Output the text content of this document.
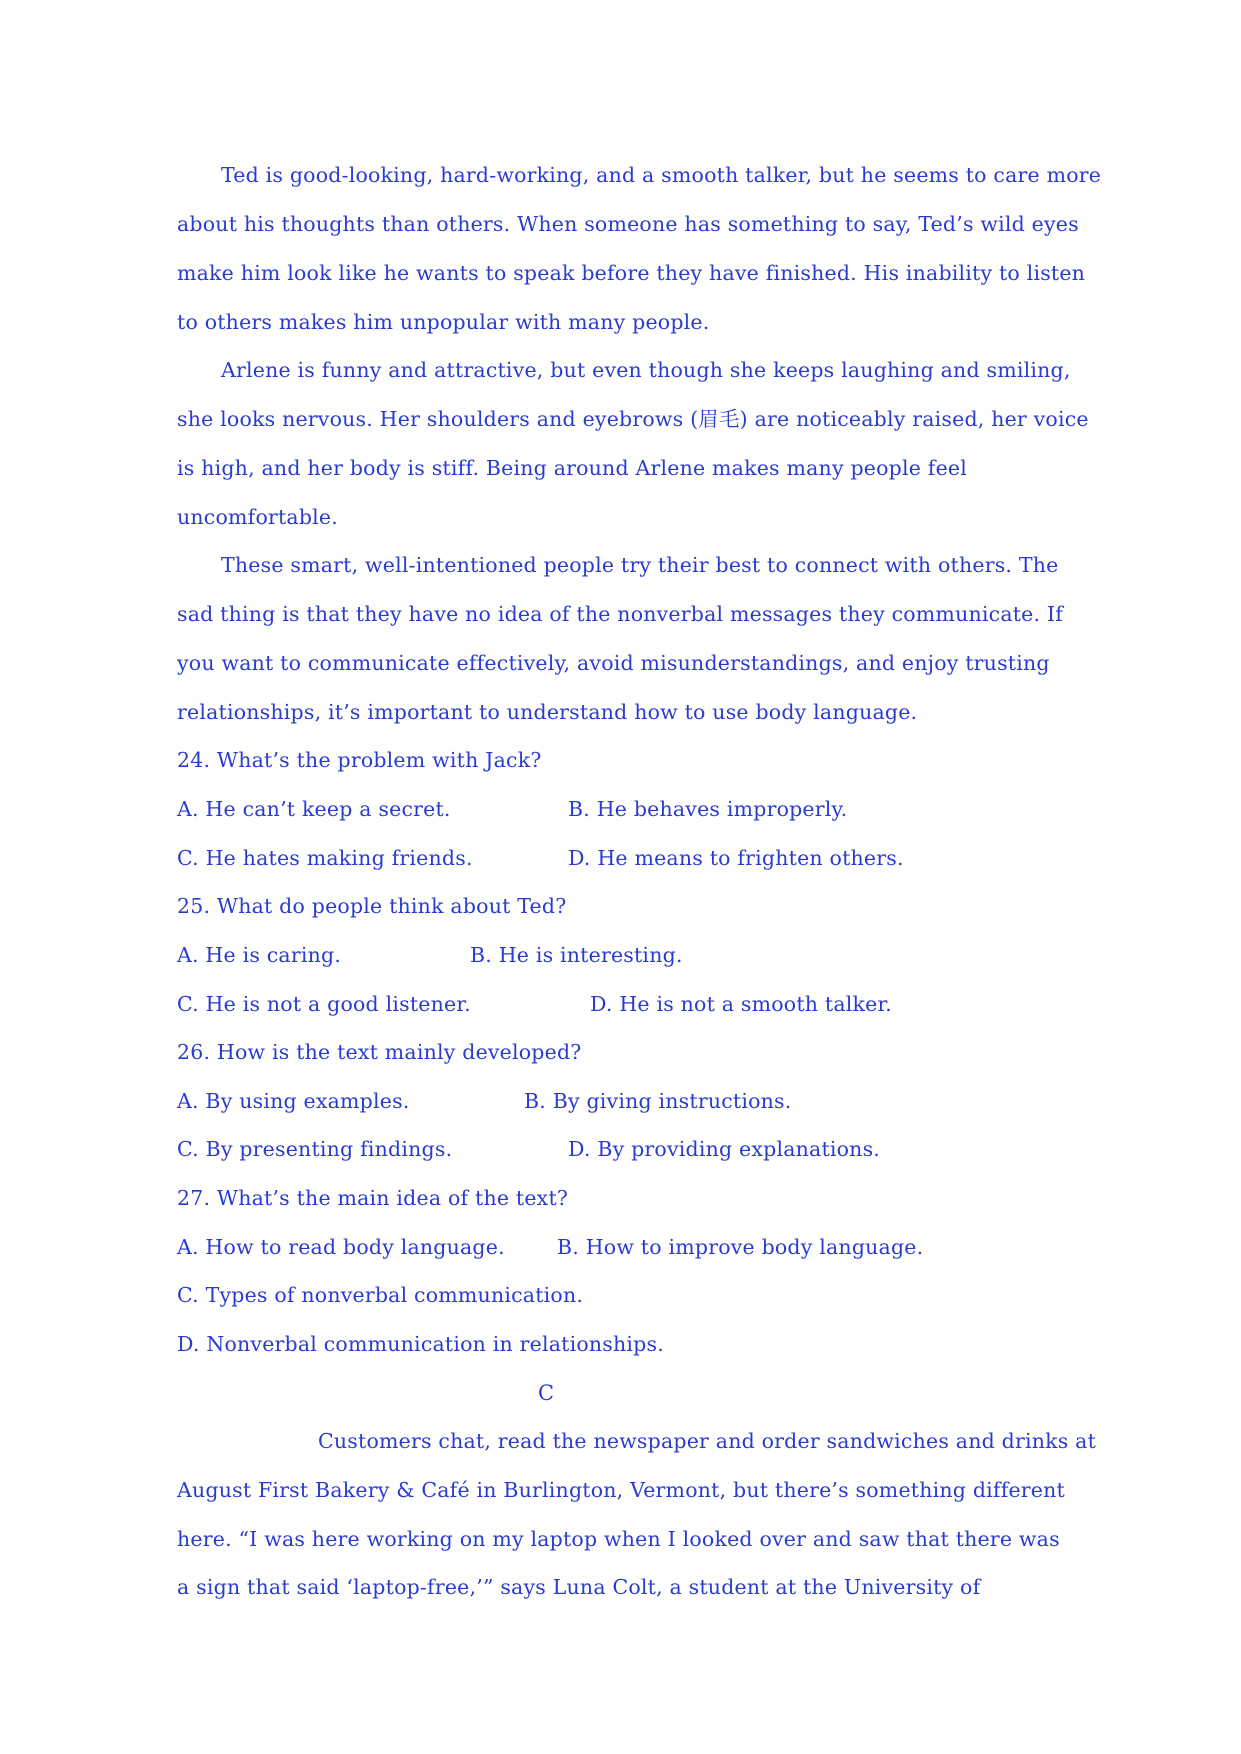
Ted is good-looking, hard-working, and a smooth talker, but he seems to care more
about his thoughts than others. When someone has something to say, Ted’s wild eyes
make him look like he wants to speak before they have finished. His inability to listen
to others makes him unpopular with many people.
Arlene is funny and attractive, but even though she keeps laughing and smiling,
she looks nervous. Her shoulders and eyebrows (眉毛) are noticeably raised, her voice
is high, and her body is stiff. Being around Arlene makes many people feel
uncomfortable.
These smart, well-intentioned people try their best to connect with others. The
sad thing is that they have no idea of the nonverbal messages they communicate. If
you want to communicate effectively, avoid misunderstandings, and enjoy trusting
relationships, it’s important to understand how to use body language.
24. What’s the problem with Jack?
A. He can’t keep a secret.	B. He behaves improperly.
C. He hates making friends.	D. He means to frighten others.
25. What do people think about Ted?
A. He is caring.	B. He is interesting.
C. He is not a good listener.	D. He is not a smooth talker.
26. How is the text mainly developed?
A. By using examples.	B. By giving instructions.
C. By presenting findings.	D. By providing explanations.
27. What’s the main idea of the text?
A. How to read body language.	B. How to improve body language.
C. Types of nonverbal communication.
D. Nonverbal communication in relationships.
C
Customers chat, read the newspaper and order sandwiches and drinks at
August First Bakery & Café in Burlington, Vermont, but there’s something different
here. “I was here working on my laptop when I looked over and saw that there was
a sign that said ‘laptop-free,’” says Luna Colt, a student at the University of
